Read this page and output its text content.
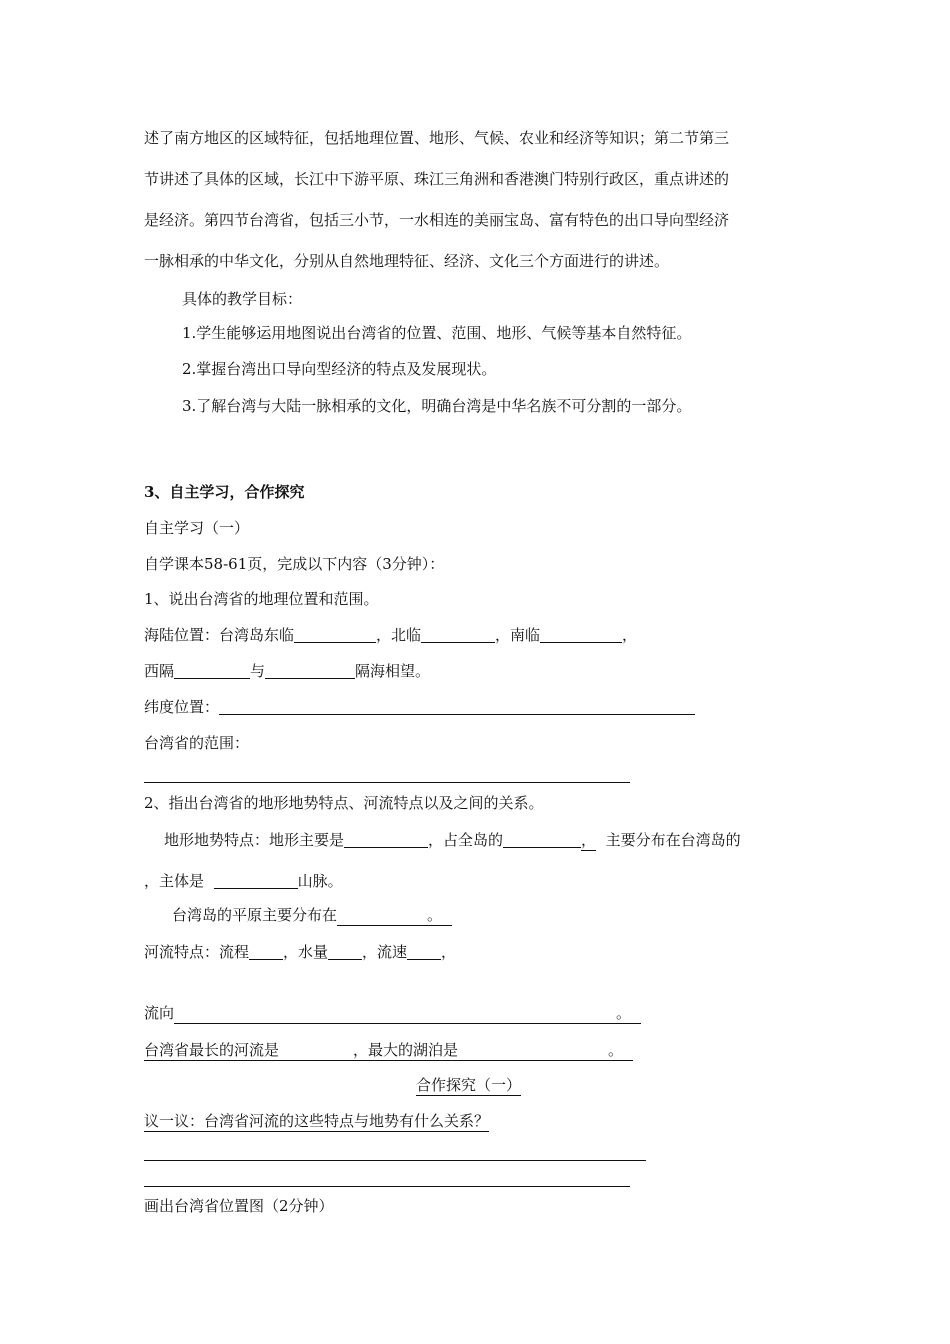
述了南方地区的区域特征，包括地理位置、地形、气候、农业和经济等知识；第二节第三
节讲述了具体的区域，长江中下游平原、珠江三角洲和香港澳门特别行政区，重点讲述的
是经济。第四节台湾省，包括三小节，一水相连的美丽宝岛、富有特色的出口导向型经济
一脉相承的中华文化，分别从自然地理特征、经济、文化三个方面进行的讲述。
具体的教学目标：
1.学生能够运用地图说出台湾省的位置、范围、地形、气候等基本自然特征。
2.掌握台湾出口导向型经济的特点及发展现状。
3.了解台湾与大陆一脉相承的文化，明确台湾是中华名族不可分割的一部分。
3、自主学习，合作探究
自主学习（一）
自学课本58-61页，完成以下内容（3分钟）：
1、说出台湾省的地理位置和范围。
海陆位置：台湾岛东临	，北临	，南临	，
西隔	与	隔海相望。
纬度位置：
台湾省的范围：
2、指出台湾省的地形地势特点、河流特点以及之间的关系。
地形地势特点：地形主要是	，占全岛的	， 主要分布在台湾岛的
，主体是	山脉。
台湾岛的平原主要分布在	。
河流特点：流程 ，水量 ，流速 ，
流向	。
台湾省最长的河流是	，最大的湖泊是	。
合作探究（一）
议一议：台湾省河流的这些特点与地势有什么关系？
画出台湾省位置图（2分钟）
